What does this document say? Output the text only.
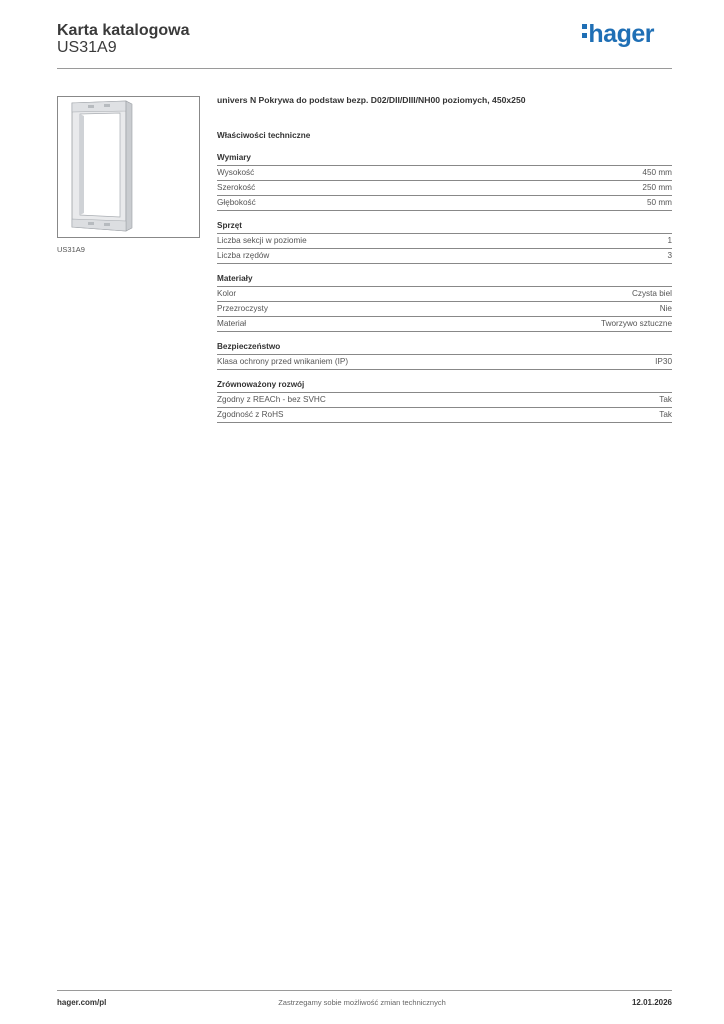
Karta katalogowa
US31A9	hager
US31A9
univers N Pokrywa do podstaw bezp. D02/DII/DIII/NH00 poziomych, 450x250
Właściwości techniczne
Wymiary
Wysokość	450 mm
Szerokość	250 mm
Głębokość	50 mm
Sprzęt
Liczba sekcji w poziomie	1
Liczba rzędów	3
Materiały
Kolor	Czysta biel
Przezroczysty	Nie
Materiał	Tworzywo sztuczne
Bezpieczeństwo
Klasa ochrony przed wnikaniem (IP)	IP30
Zrównoważony rozwój
Zgodny z REACh - bez SVHC	Tak
Zgodność z RoHS	Tak
hager.com/pl	Zastrzegamy sobie możliwość zmian technicznych	12.01.2026
